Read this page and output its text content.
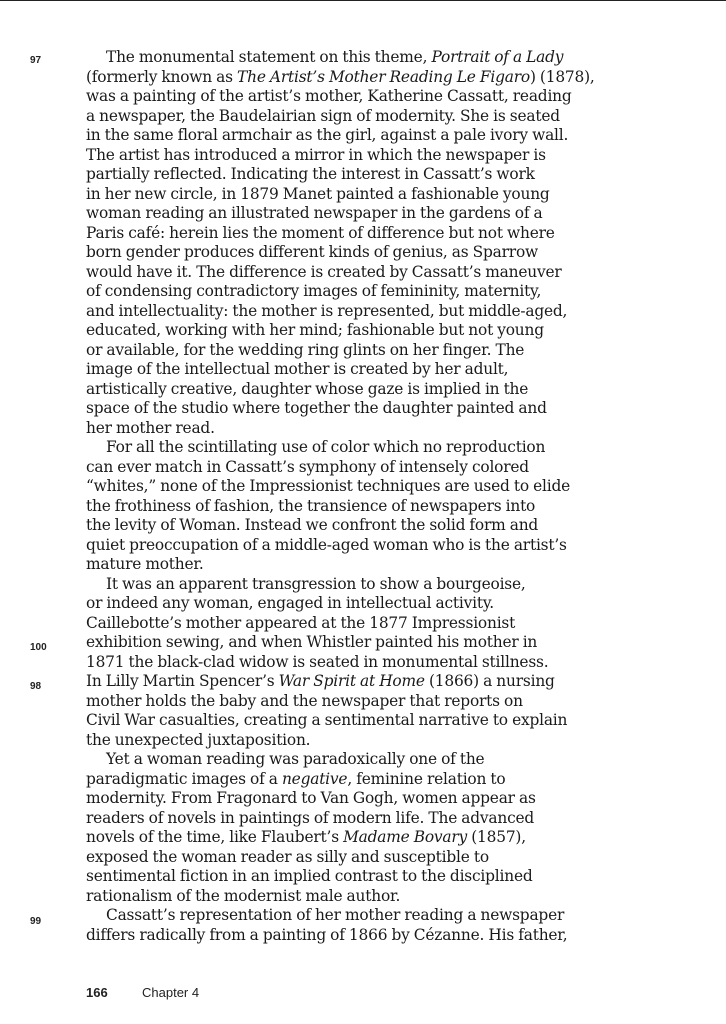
The monumental statement on this theme, Portrait of a Lady
(formerly known as The Artist’s Mother Reading Le Figaro) (1878),
was a painting of the artist’s mother, Katherine Cassatt, reading
a newspaper, the Baudelairian sign of modernity. She is seated
in the same floral armchair as the girl, against a pale ivory wall.
The artist has introduced a mirror in which the newspaper is
partially reflected. Indicating the interest in Cassatt’s work
in her new circle, in 1879 Manet painted a fashionable young
woman reading an illustrated newspaper in the gardens of a
Paris café: herein lies the moment of difference but not where
born gender produces different kinds of genius, as Sparrow
would have it. The difference is created by Cassatt’s maneuver
of condensing contradictory images of femininity, maternity,
and intellectuality: the mother is represented, but middle-aged,
educated, working with her mind; fashionable but not young
or available, for the wedding ring glints on her finger. The
image of the intellectual mother is created by her adult,
artistically creative, daughter whose gaze is implied in the
space of the studio where together the daughter painted and
her mother read.
For all the scintillating use of color which no reproduction
can ever match in Cassatt’s symphony of intensely colored
“whites,” none of the Impressionist techniques are used to elide
the frothiness of fashion, the transience of newspapers into
the levity of Woman. Instead we confront the solid form and
quiet preoccupation of a middle-aged woman who is the artist’s
mature mother.
It was an apparent transgression to show a bourgeoise,
or indeed any woman, engaged in intellectual activity.
Caillebotte’s mother appeared at the 1877 Impressionist
exhibition sewing, and when Whistler painted his mother in
1871 the black-clad widow is seated in monumental stillness.
In Lilly Martin Spencer’s War Spirit at Home (1866) a nursing
mother holds the baby and the newspaper that reports on
Civil War casualties, creating a sentimental narrative to explain
the unexpected juxtaposition.
Yet a woman reading was paradoxically one of the
paradigmatic images of a negative, feminine relation to
modernity. From Fragonard to Van Gogh, women appear as
readers of novels in paintings of modern life. The advanced
novels of the time, like Flaubert’s Madame Bovary (1857),
exposed the woman reader as silly and susceptible to
sentimental fiction in an implied contrast to the disciplined
rationalism of the modernist male author.
Cassatt’s representation of her mother reading a newspaper
differs radically from a painting of 1866 by Cézanne. His father,
97
100
98
99
166	Chapter 4
